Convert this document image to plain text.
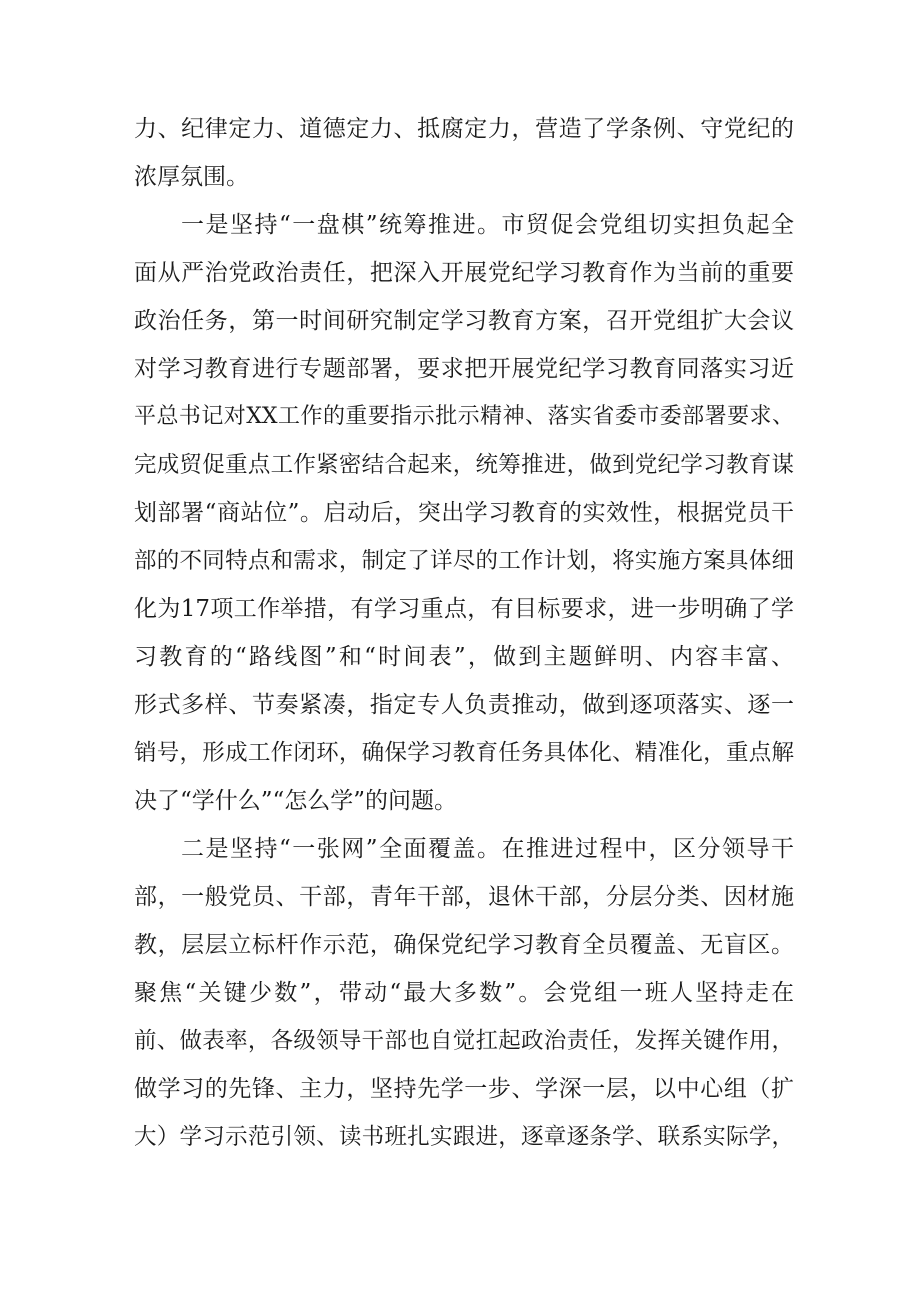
力、纪律定力、道德定力、抵腐定力，营造了学条例、守党纪的
浓厚氛围。
一是坚持“一盘棋”统筹推进。市贸促会党组切实担负起全
面从严治党政治责任，把深入开展党纪学习教育作为当前的重要
政治任务，第一时间研究制定学习教育方案，召开党组扩大会议
对学习教育进行专题部署，要求把开展党纪学习教育同落实习近
平总书记对XX工作的重要指示批示精神、落实省委市委部署要求、
完成贸促重点工作紧密结合起来，统筹推进，做到党纪学习教育谋
划部署“商站位”。启动后，突出学习教育的实效性，根据党员干
部的不同特点和需求，制定了详尽的工作计划，将实施方案具体细
化为17项工作举措，有学习重点，有目标要求，进一步明确了学
习教育的“路线图”和“时间表”，做到主题鲜明、内容丰富、
形式多样、节奏紧凑，指定专人负责推动，做到逐项落实、逐一
销号，形成工作闭环，确保学习教育任务具体化、精准化，重点解
决了“学什么”“怎么学”的问题。
二是坚持“一张网”全面覆盖。在推进过程中，区分领导干
部，一般党员、干部，青年干部，退休干部，分层分类、因材施
教，层层立标杆作示范，确保党纪学习教育全员覆盖、无盲区。
聚焦“关键少数”，带动“最大多数”。会党组一班人坚持走在
前、做表率，各级领导干部也自觉扛起政治责任，发挥关键作用，
做学习的先锋、主力，坚持先学一步、学深一层，以中心组（扩
大）学习示范引领、读书班扎实跟进，逐章逐条学、联系实际学，
